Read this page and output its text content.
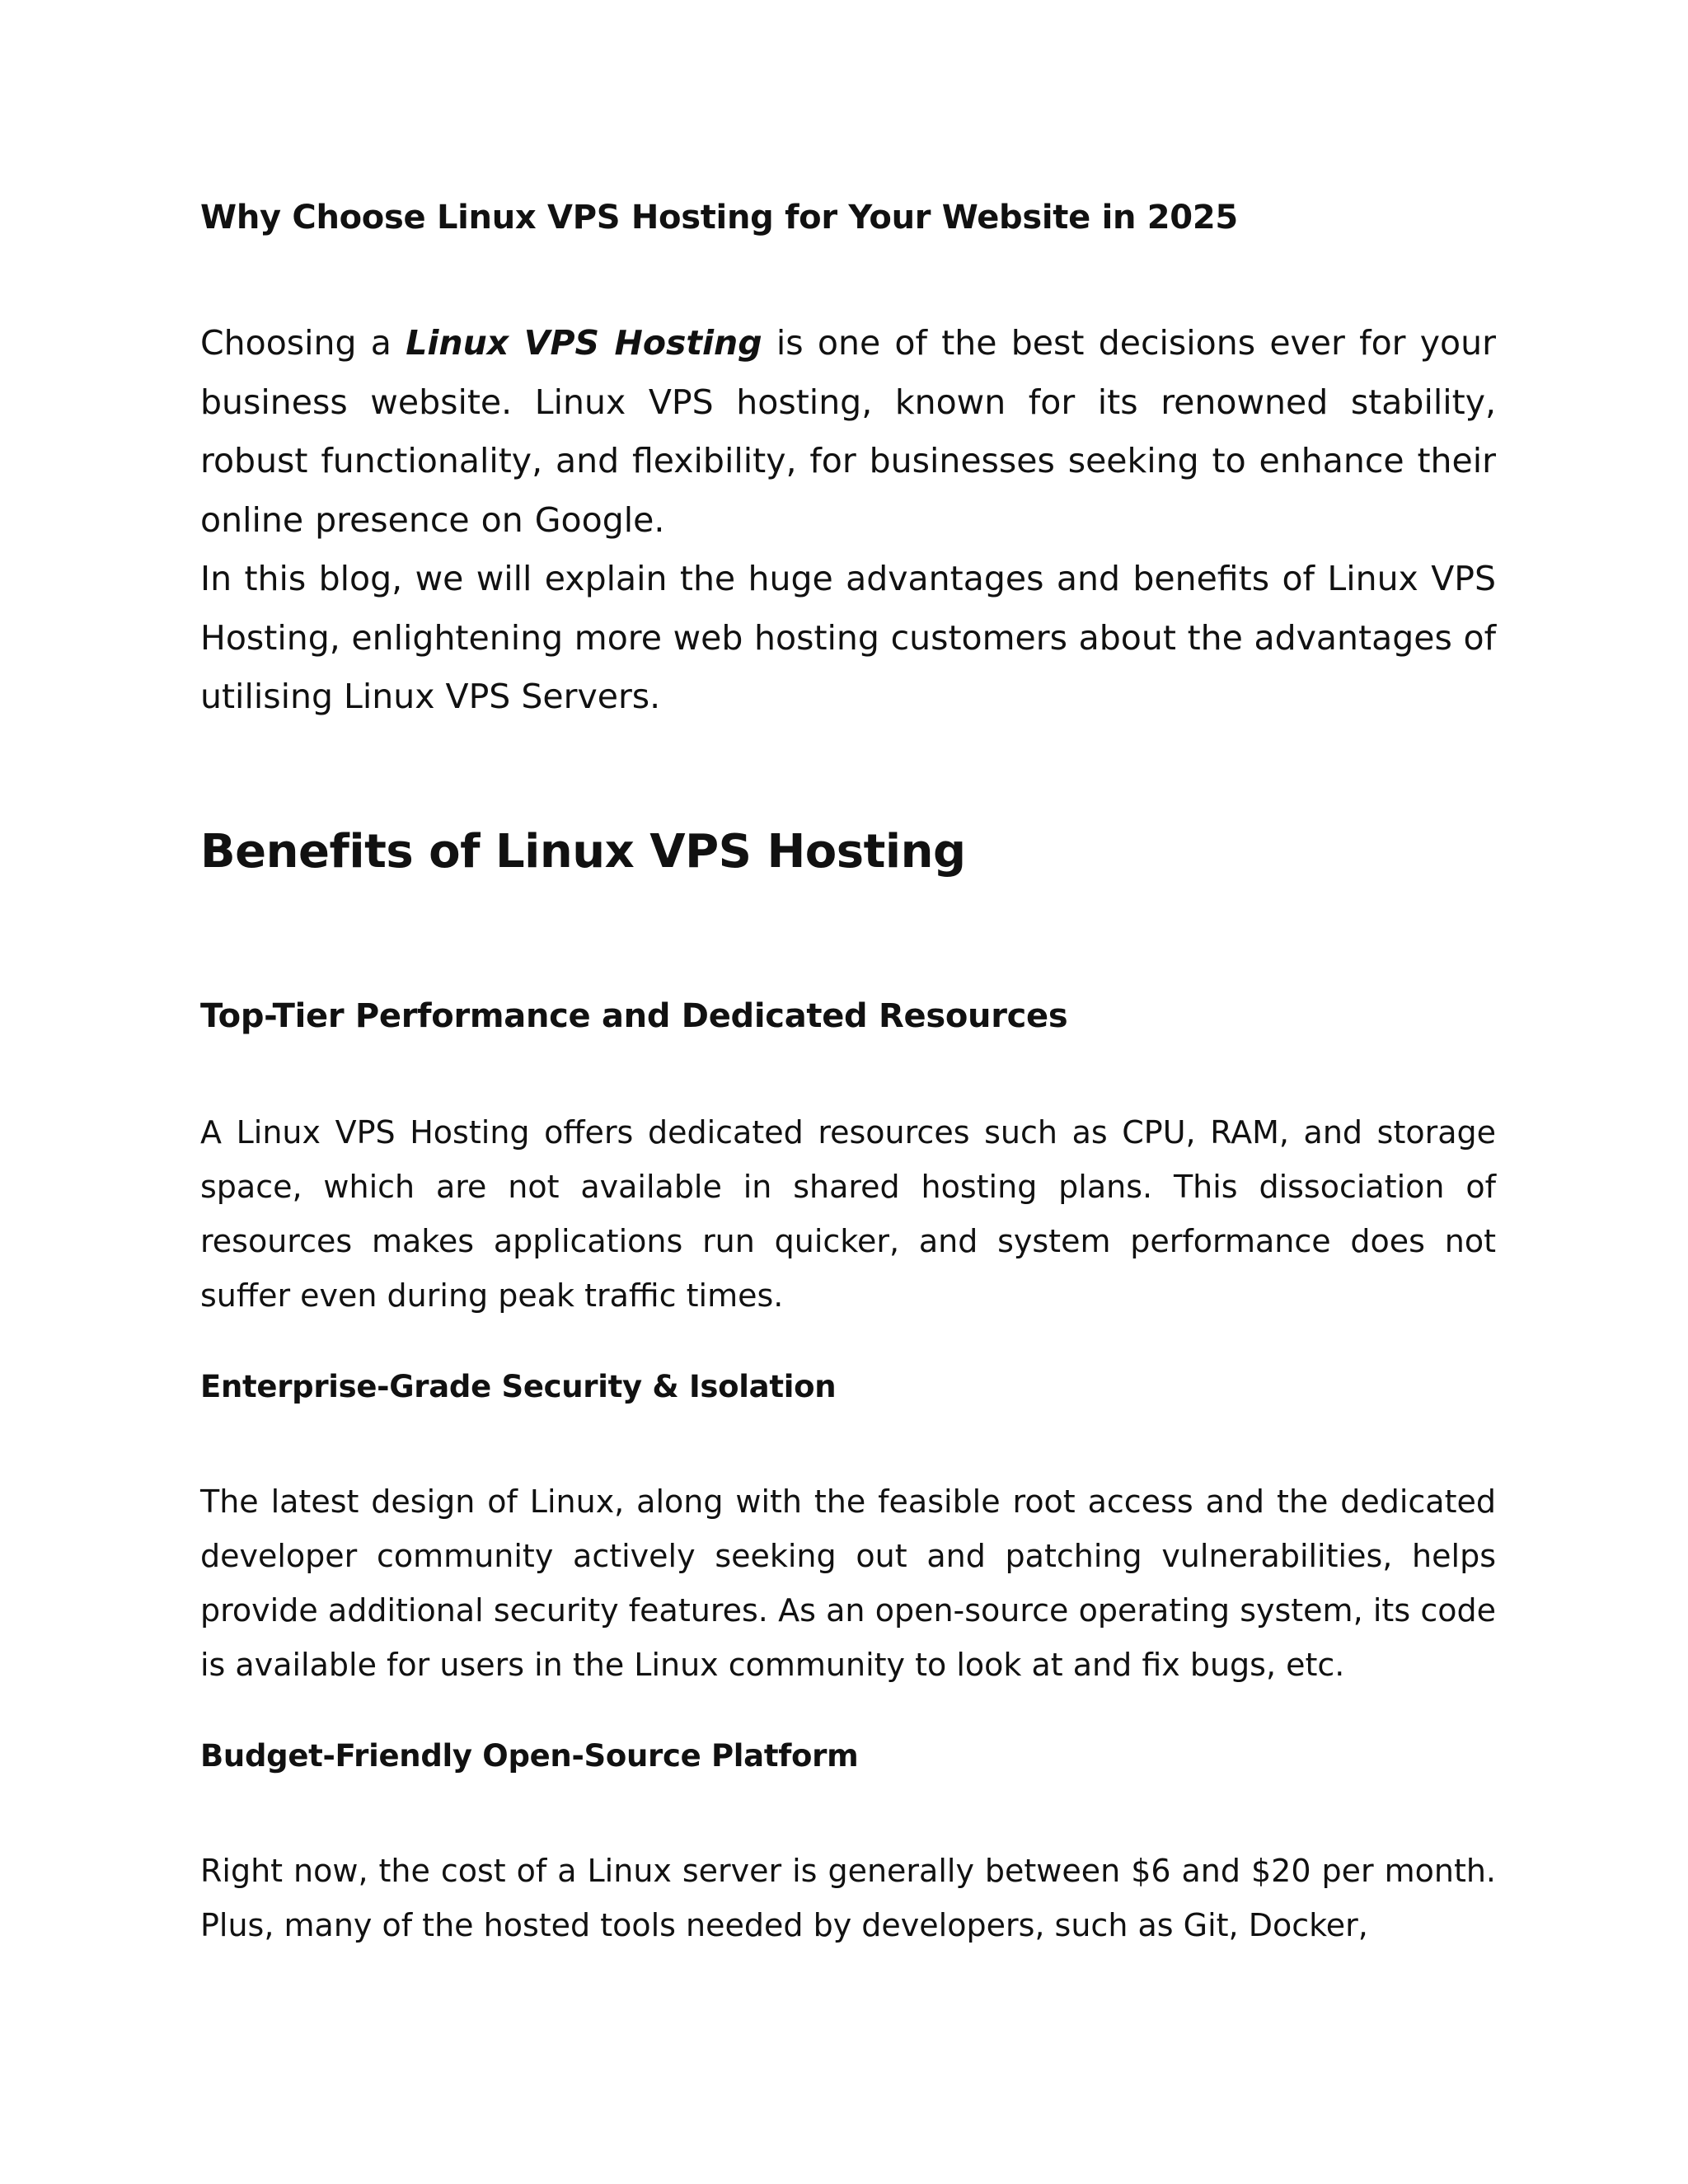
Why Choose Linux VPS Hosting for Your Website in 2025

Choosing a Linux VPS Hosting is one of the best decisions ever for your business website. Linux VPS hosting, known for its renowned stability, robust functionality, and flexibility, for businesses seeking to enhance their online presence on Google.

In this blog, we will explain the huge advantages and benefits of Linux VPS Hosting, enlightening more web hosting customers about the advantages of utilising Linux VPS Servers.

Benefits of Linux VPS Hosting
Top-Tier Performance and Dedicated Resources

A Linux VPS Hosting offers dedicated resources such as CPU, RAM, and storage space, which are not available in shared hosting plans. This dissociation of resources makes applications run quicker, and system performance does not suffer even during peak traffic times.

Enterprise-Grade Security & Isolation

The latest design of Linux, along with the feasible root access and the dedicated developer community actively seeking out and patching vulnerabilities, helps provide additional security features. As an open-source operating system, its code is available for users in the Linux community to look at and fix bugs, etc.

Budget-Friendly Open-Source Platform

Right now, the cost of a Linux server is generally between $6 and $20 per month. Plus, many of the hosted tools needed by developers, such as Git, Docker,
